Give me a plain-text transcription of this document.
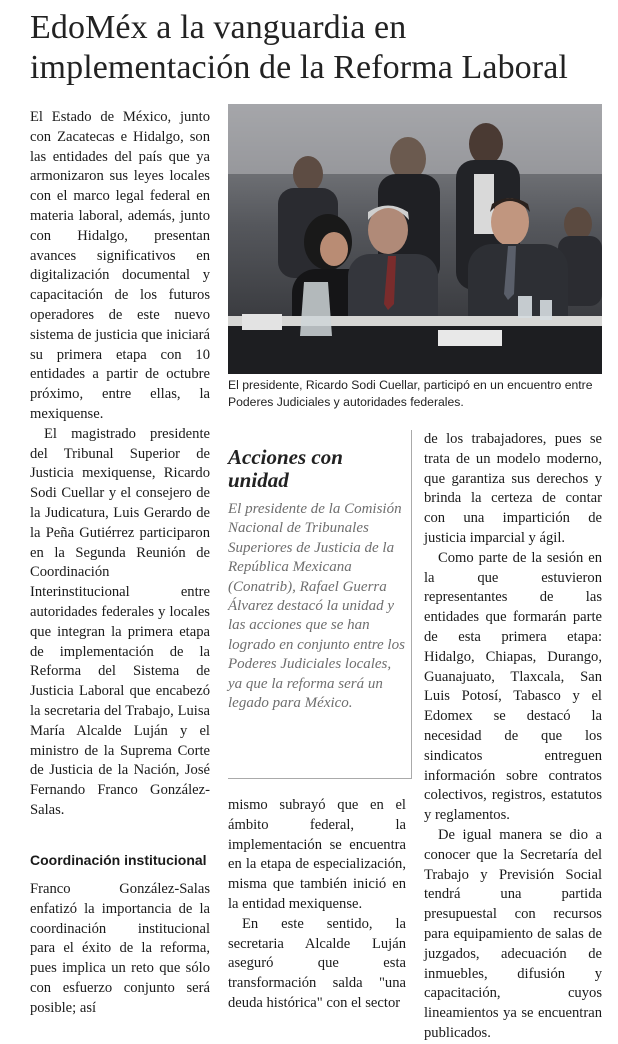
EdoMéx a la vanguardia en implementación de la Reforma Laboral

El Estado de México, junto con Zacatecas e Hidalgo, son las entidades del país que ya armonizaron sus leyes locales con el marco legal federal en materia laboral, además, junto con Hidalgo, presentan avances significativos en digitalización documental y capacitación de los futuros operadores de este nuevo sistema de justicia que iniciará su primera etapa con 10 entidades a partir de octubre próximo, entre ellas, la mexiquense.

El magistrado presidente del Tribunal Superior de Justicia mexiquense, Ricardo Sodi Cuellar y el consejero de la Judicatura, Luis Gerardo de la Peña Gutiérrez participaron en la Segunda Reunión de Coordinación Interinstitucional entre autoridades federales y locales que integran la primera etapa de implementación de la Reforma del Sistema de Justicia Laboral que encabezó la secretaria del Trabajo, Luisa María Alcalde Luján y el ministro de la Suprema Corte de Justicia de la Nación, José Fernando Franco González-Salas.

Coordinación institucional

Franco González-Salas enfatizó la importancia de la coordinación institucional para el éxito de la reforma, pues implica un reto que sólo con esfuerzo conjunto será posible; así

El presidente, Ricardo Sodi Cuellar, participó en un encuentro entre Poderes Judiciales y autoridades federales.
Acciones con unidad

El presidente de la Comisión Nacional de Tribunales Superiores de Justicia de la República Mexicana (Conatrib), Rafael Guerra Álvarez destacó la unidad y las acciones que se han logrado en conjunto entre los Poderes Judiciales locales, ya que la reforma será un legado para México.

mismo subrayó que en el ámbito federal, la implementación se encuentra en la etapa de especialización, misma que también inició en la entidad mexiquense.

En este sentido, la secretaria Alcalde Luján aseguró que esta transformación salda "una deuda histórica" con el sector

de los trabajadores, pues se trata de un modelo moderno, que garantiza sus derechos y brinda la certeza de contar con una impartición de justicia imparcial y ágil.

Como parte de la sesión en la que estuvieron representantes de las entidades que formarán parte de esta primera etapa: Hidalgo, Chiapas, Durango, Guanajuato, Tlaxcala, San Luis Potosí, Tabasco y el Edomex se destacó la necesidad de que los sindicatos entreguen información sobre contratos colectivos, registros, estatutos y reglamentos.

De igual manera se dio a conocer que la Secretaría del Trabajo y Previsión Social tendrá una partida presupuestal con recursos para equipamiento de salas de juzgados, adecuación de inmuebles, difusión y capacitación, cuyos lineamientos ya se encuentran publicados.
